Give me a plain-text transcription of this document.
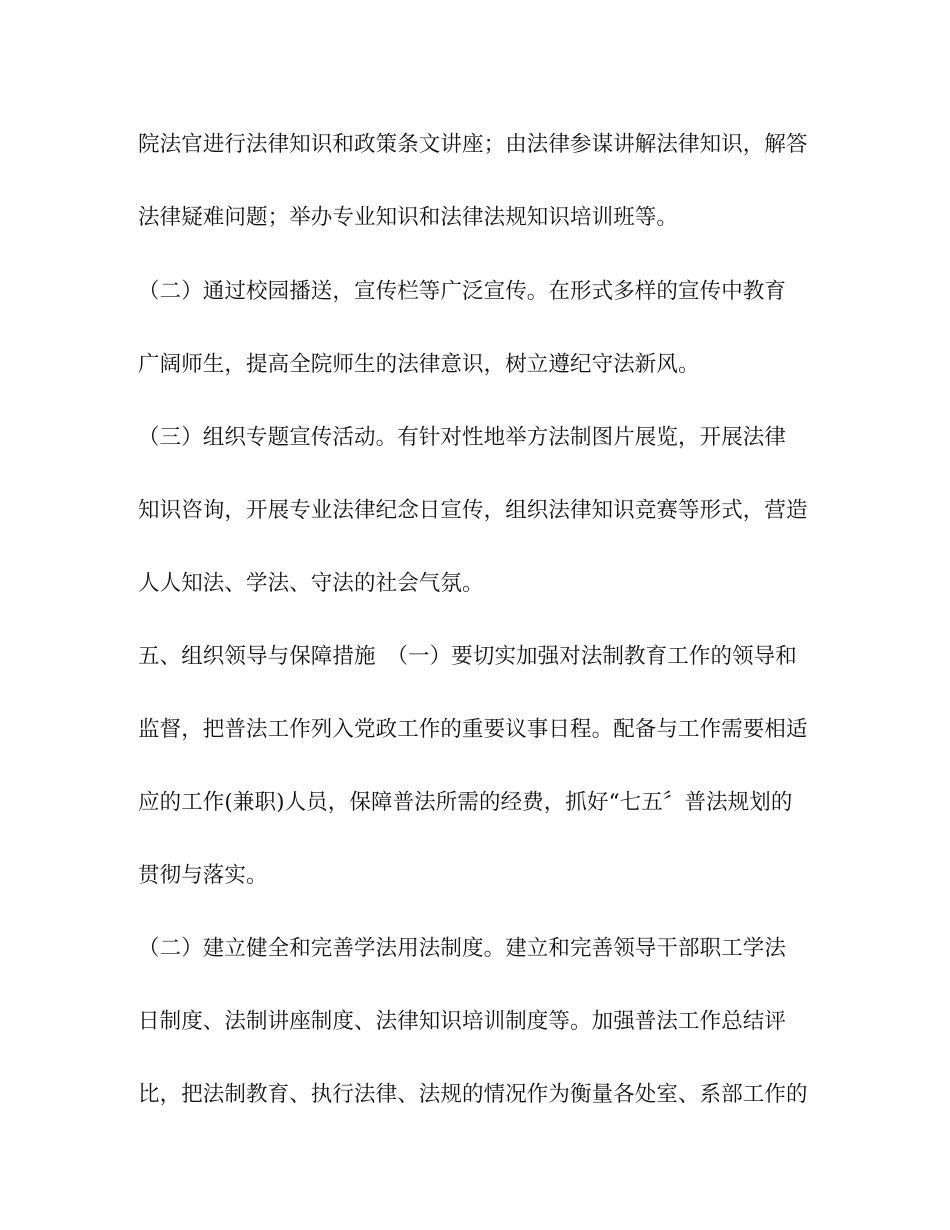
院法官进行法律知识和政策条文讲座；由法律参谋讲解法律知识，解答
法律疑难问题；举办专业知识和法律法规知识培训班等。
（二）通过校园播送，宣传栏等广泛宣传。在形式多样的宣传中教育
广阔师生，提高全院师生的法律意识，树立遵纪守法新风。
（三）组织专题宣传活动。有针对性地举方法制图片展览，开展法律
知识咨询，开展专业法律纪念日宣传，组织法律知识竞赛等形式，营造
人人知法、学法、守法的社会气氛。
五、组织领导与保障措施　（一）要切实加强对法制教育工作的领导和
监督，把普法工作列入党政工作的重要议事日程。配备与工作需要相适
应的工作(兼职)人员，保障普法所需的经费，抓好“七五〞普法规划的
贯彻与落实。
（二）建立健全和完善学法用法制度。建立和完善领导干部职工学法
日制度、法制讲座制度、法律知识培训制度等。加强普法工作总结评
比，把法制教育、执行法律、法规的情况作为衡量各处室、系部工作的
